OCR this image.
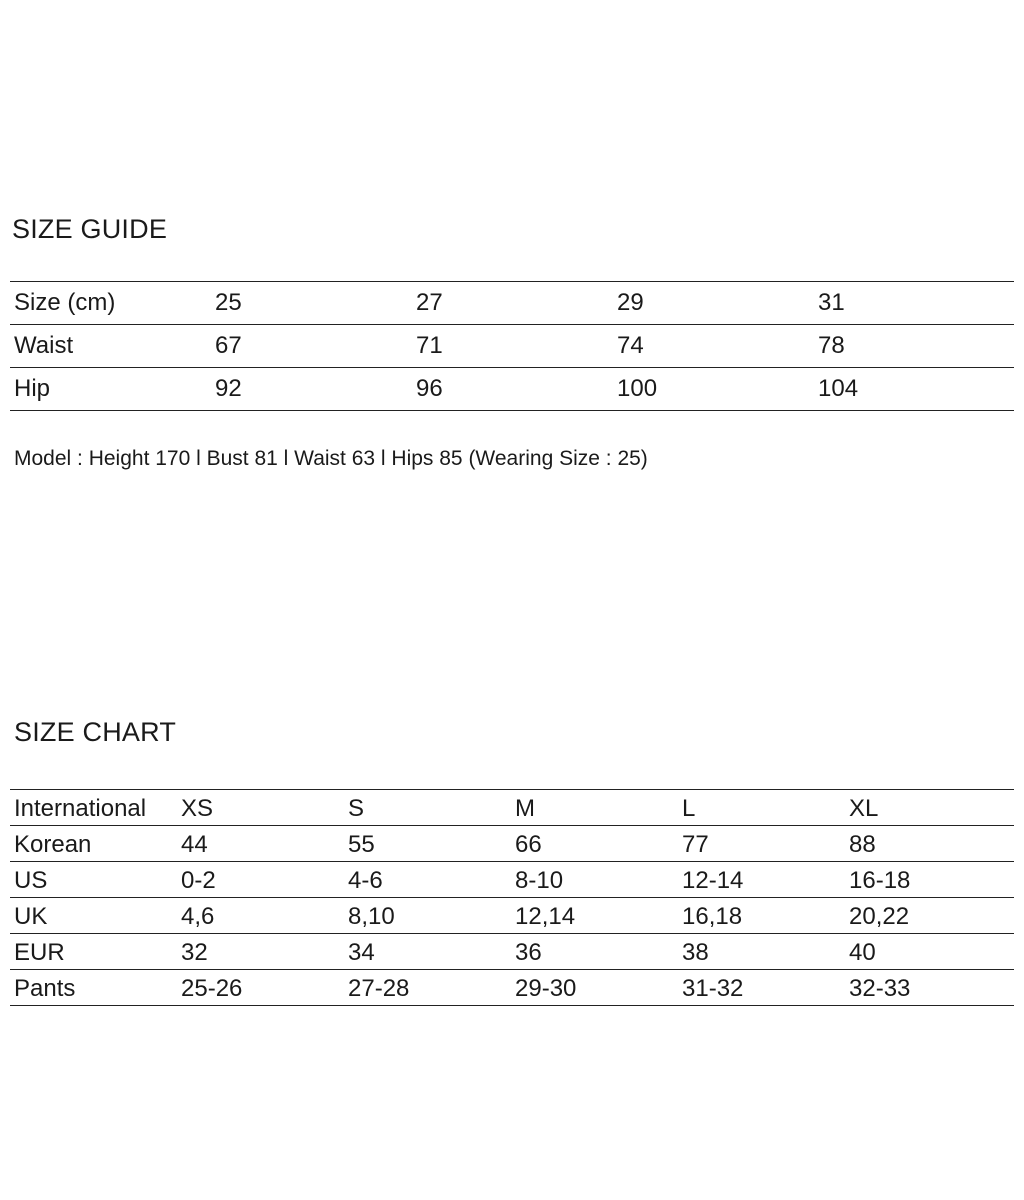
SIZE GUIDE
Size (cm)	25	27	29	31
Waist	67	71	74	78
Hip	92	96	100	104

Model : Height 170 l Bust 81 l Waist 63 l Hips 85 (Wearing Size : 25)

SIZE CHART
International	XS	S	M	L	XL
Korean	44	55	66	77	88
US	0-2	4-6	8-10	12-14	16-18
UK	4,6	8,10	12,14	16,18	20,22
EUR	32	34	36	38	40
Pants	25-26	27-28	29-30	31-32	32-33
